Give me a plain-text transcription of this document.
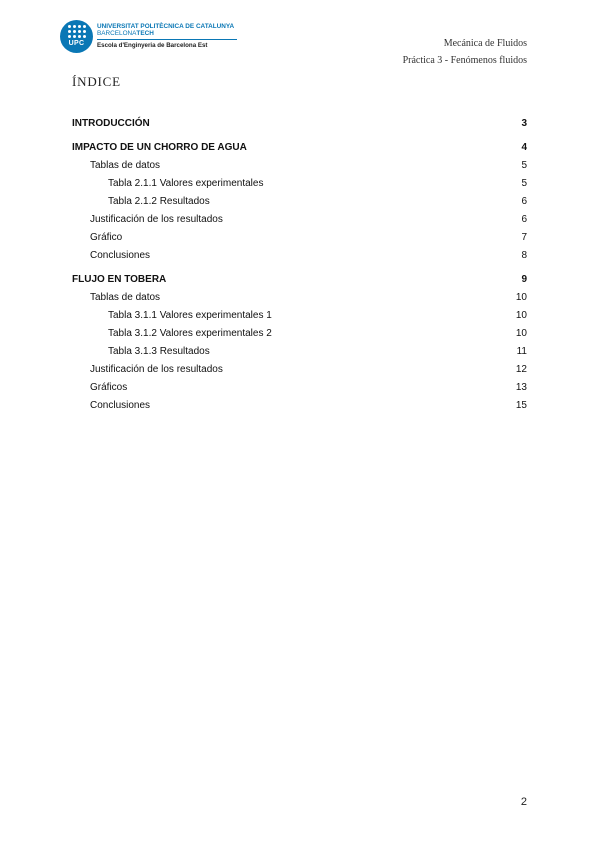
UPC
UNIVERSITAT POLITÈCNICA DE CATALUNYA
BARCELONATECH
Escola d'Enginyeria de Barcelona Est	Mecánica de Fluidos
Práctica 3 - Fenómenos fluidos
ÍNDICE
INTRODUCCIÓN	3
IMPACTO DE UN CHORRO DE AGUA	4
Tablas de datos	5
Tabla 2.1.1 Valores experimentales	5
Tabla 2.1.2 Resultados	6
Justificación de los resultados	6
Gráfico	7
Conclusiones	8
FLUJO EN TOBERA	9
Tablas de datos	10
Tabla 3.1.1 Valores experimentales 1	10
Tabla 3.1.2 Valores experimentales 2	10
Tabla 3.1.3 Resultados	11
Justificación de los resultados	12
Gráficos	13
Conclusiones	15
2
